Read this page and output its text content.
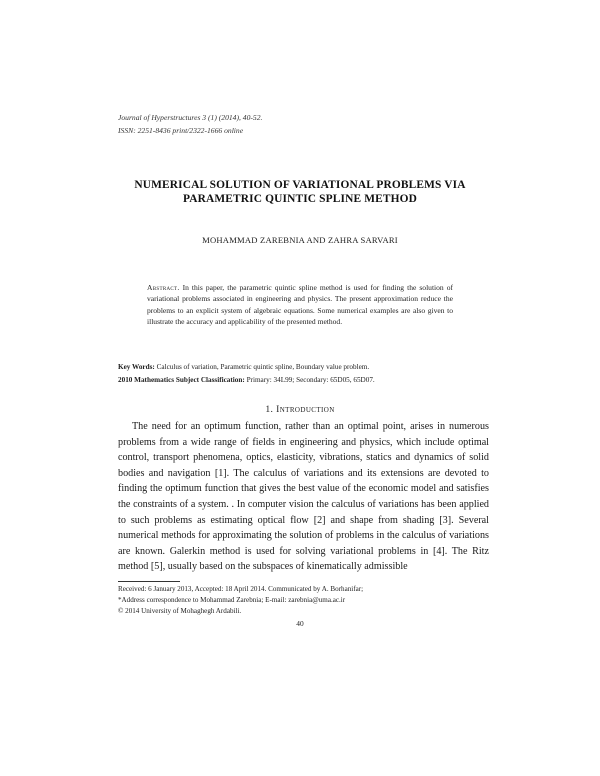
Journal of Hyperstructures 3 (1) (2014), 40-52.
ISSN: 2251-8436 print/2322-1666 online
NUMERICAL SOLUTION OF VARIATIONAL PROBLEMS VIA PARAMETRIC QUINTIC SPLINE METHOD
MOHAMMAD ZAREBNIA AND ZAHRA SARVARI
Abstract. In this paper, the parametric quintic spline method is used for finding the solution of variational problems associated in engineering and physics. The present approximation reduce the problems to an explicit system of algebraic equations. Some numerical examples are also given to illustrate the accuracy and applicability of the presented method.
Key Words: Calculus of variation, Parametric quintic spline, Boundary value problem.
2010 Mathematics Subject Classification: Primary: 34L99; Secondary: 65D05, 65D07.
1. Introduction
The need for an optimum function, rather than an optimal point, arises in numerous problems from a wide range of fields in engineering and physics, which include optimal control, transport phenomena, optics, elasticity, vibrations, statics and dynamics of solid bodies and navigation [1]. The calculus of variations and its extensions are devoted to finding the optimum function that gives the best value of the economic model and satisfies the constraints of a system. . In computer vision the calculus of variations has been applied to such problems as estimating optical flow [2] and shape from shading [3]. Several numerical methods for approximating the solution of problems in the calculus of variations are known. Galerkin method is used for solving variational problems in [4]. The Ritz method [5], usually based on the subspaces of kinematically admissible
Received: 6 January 2013, Accepted: 18 April 2014. Communicated by A. Borhanifar;
*Address correspondence to Mohammad Zarebnia; E-mail: zarebnia@uma.ac.ir
© 2014 University of Mohaghegh Ardabili.
40
